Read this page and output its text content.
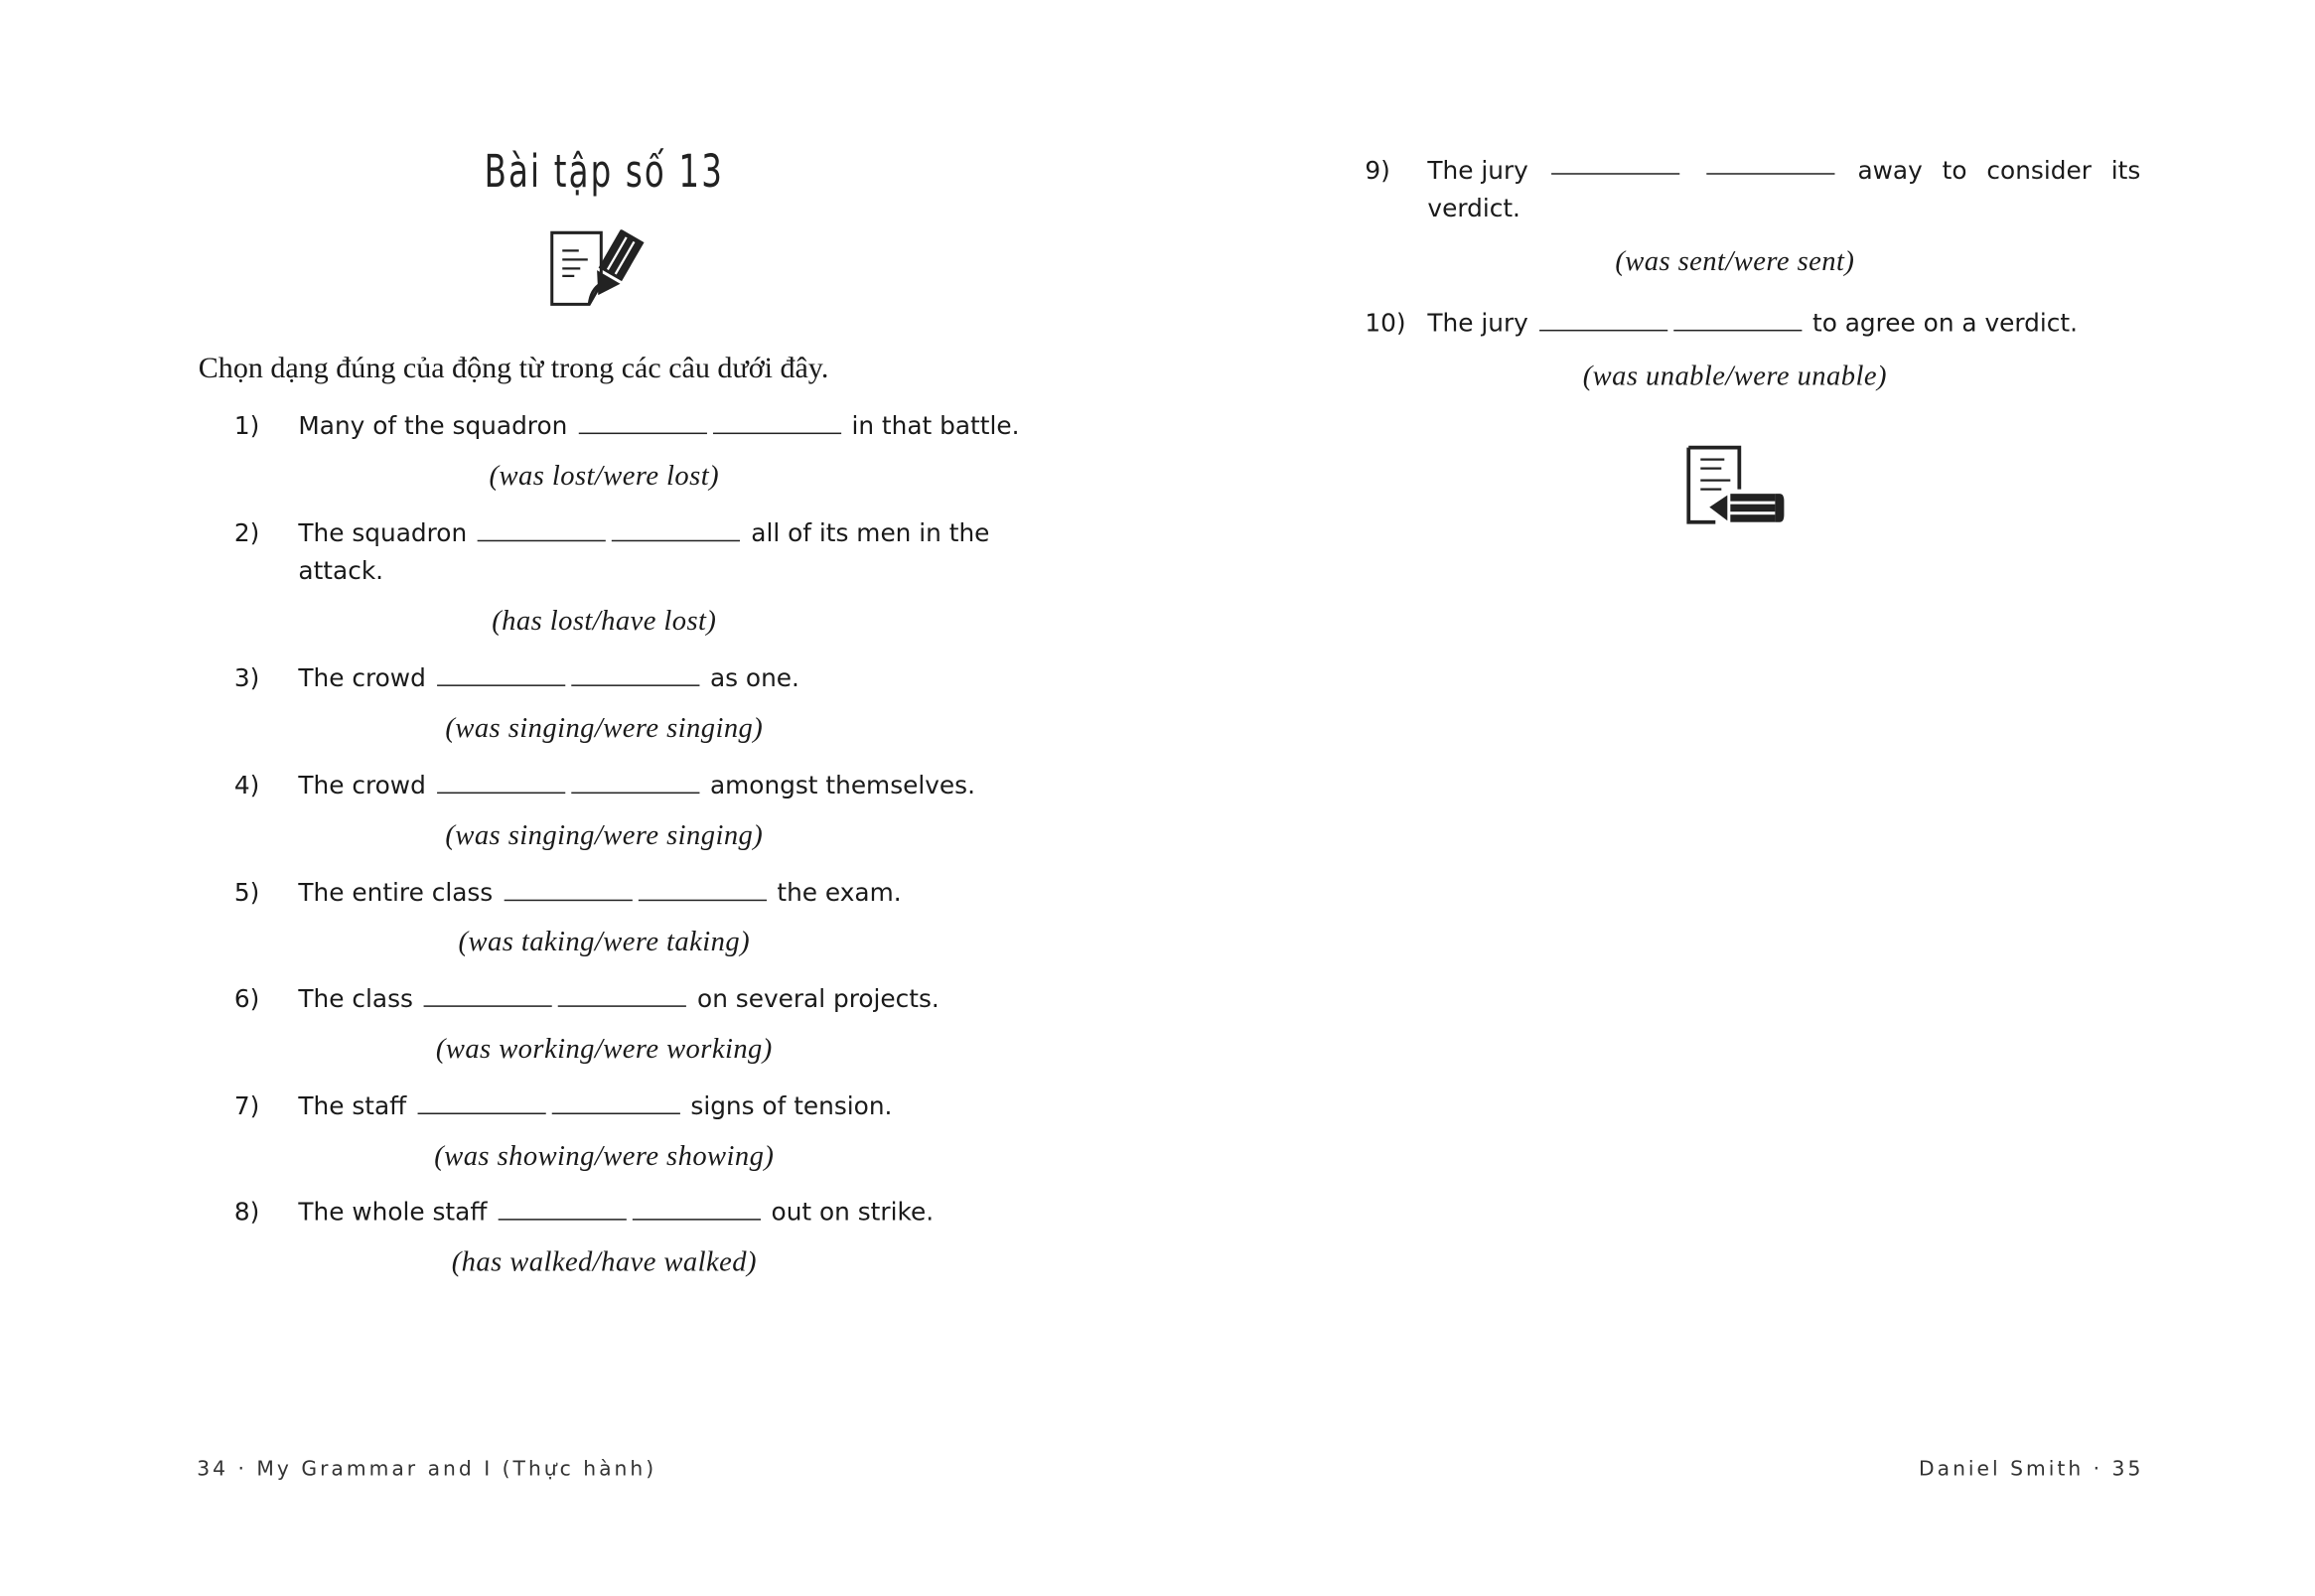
Bài tập số 13
Chọn dạng đúng của động từ trong các câu dưới đây.
1) Many of the squadron	in that battle.
(was lost/were lost)
2) The squadron	all of its men in the
attack.
(has lost/have lost)
3) The crowd	as one.
(was singing/were singing)
4) The crowd	amongst themselves.
(was singing/were singing)
5) The entire class	the exam.
(was taking/were taking)
6) The class	on several projects.
(was working/were working)
7) The staff	signs of tension.
(was showing/were showing)
8) The whole staff	out on strike.
(has walked/have walked)
9) The jury	away to consider its
verdict.
(was sent/were sent)
10) The jury	to agree on a verdict.
(was unable/were unable)
34 · My Grammar and I (Thực hành)	Daniel Smith · 35
